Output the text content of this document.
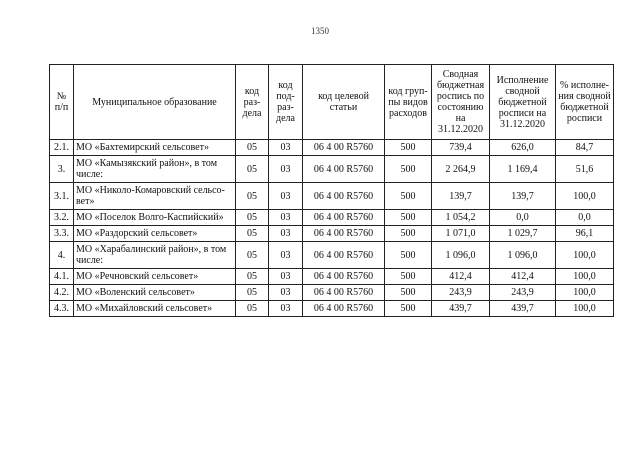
1350
№ п/п	Муниципальное образование	код раз-дела	код под-раз-дела	код целевой статьи	код груп-пы видов расходов	Сводная бюджетная роспись по состоянию на 31.12.2020	Исполнение сводной бюджетной росписи на 31.12.2020	% исполне-ния сводной бюджетной росписи
2.1.	МО «Бахтемирский сельсовет»	05	03	06 4 00 R5760	500	739,4	626,0	84,7
3.	МО «Камызякский район», в том числе:	05	03	06 4 00 R5760	500	2 264,9	1 169,4	51,6
3.1.	МО «Николо-Комаровский сельсо-вет»	05	03	06 4 00 R5760	500	139,7	139,7	100,0
3.2.	МО «Поселок Волго-Каспийский»	05	03	06 4 00 R5760	500	1 054,2	0,0	0,0
3.3.	МО «Раздорский сельсовет»	05	03	06 4 00 R5760	500	1 071,0	1 029,7	96,1
4.	МО «Харабалинский район», в том числе:	05	03	06 4 00 R5760	500	1 096,0	1 096,0	100,0
4.1.	МО «Речновский сельсовет»	05	03	06 4 00 R5760	500	412,4	412,4	100,0
4.2.	МО «Воленский сельсовет»	05	03	06 4 00 R5760	500	243,9	243,9	100,0
4.3.	МО «Михайловский сельсовет»	05	03	06 4 00 R5760	500	439,7	439,7	100,0
